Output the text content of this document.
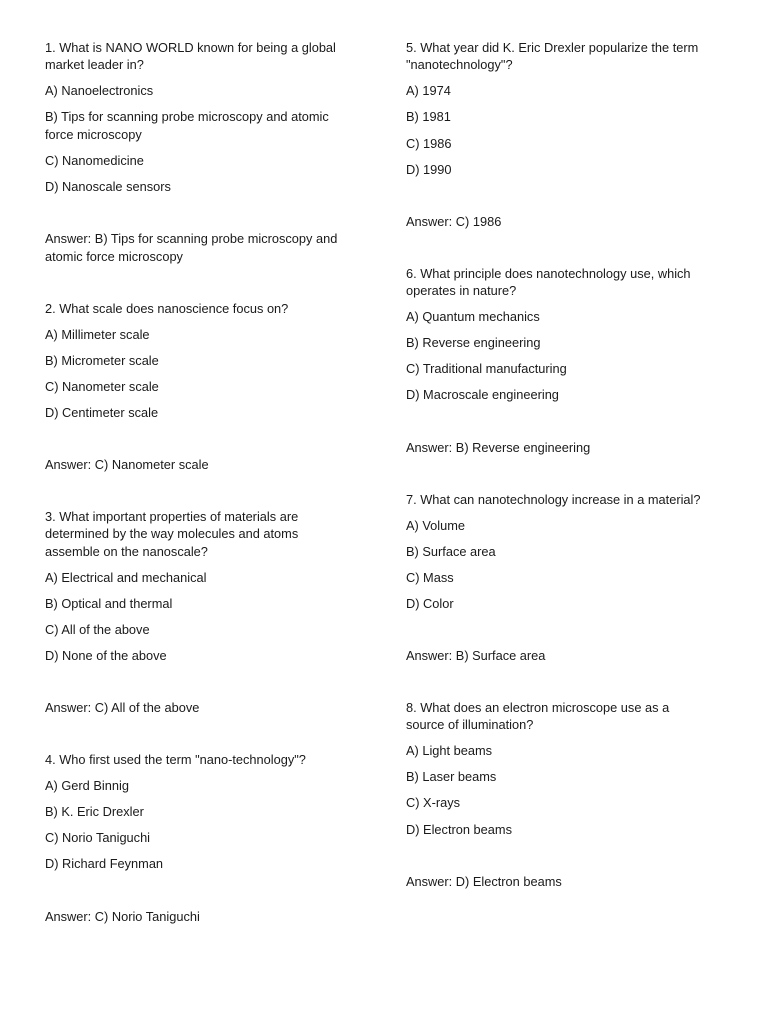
1. What is NANO WORLD known for being a global
market leader in?
A) Nanoelectronics
B) Tips for scanning probe microscopy and atomic
force microscopy
C) Nanomedicine
D) Nanoscale sensors
Answer: B) Tips for scanning probe microscopy and
atomic force microscopy
2. What scale does nanoscience focus on?
A) Millimeter scale
B) Micrometer scale
C) Nanometer scale
D) Centimeter scale
Answer: C) Nanometer scale
3. What important properties of materials are
determined by the way molecules and atoms
assemble on the nanoscale?
A) Electrical and mechanical
B) Optical and thermal
C) All of the above
D) None of the above
Answer: C) All of the above
4. Who first used the term "nano-technology"?
A) Gerd Binnig
B) K. Eric Drexler
C) Norio Taniguchi
D) Richard Feynman
Answer: C) Norio Taniguchi
5. What year did K. Eric Drexler popularize the term
"nanotechnology"?
A) 1974
B) 1981
C) 1986
D) 1990
Answer: C) 1986
6. What principle does nanotechnology use, which
operates in nature?
A) Quantum mechanics
B) Reverse engineering
C) Traditional manufacturing
D) Macroscale engineering
Answer: B) Reverse engineering
7. What can nanotechnology increase in a material?
A) Volume
B) Surface area
C) Mass
D) Color
Answer: B) Surface area
8. What does an electron microscope use as a
source of illumination?
A) Light beams
B) Laser beams
C) X-rays
D) Electron beams
Answer: D) Electron beams
